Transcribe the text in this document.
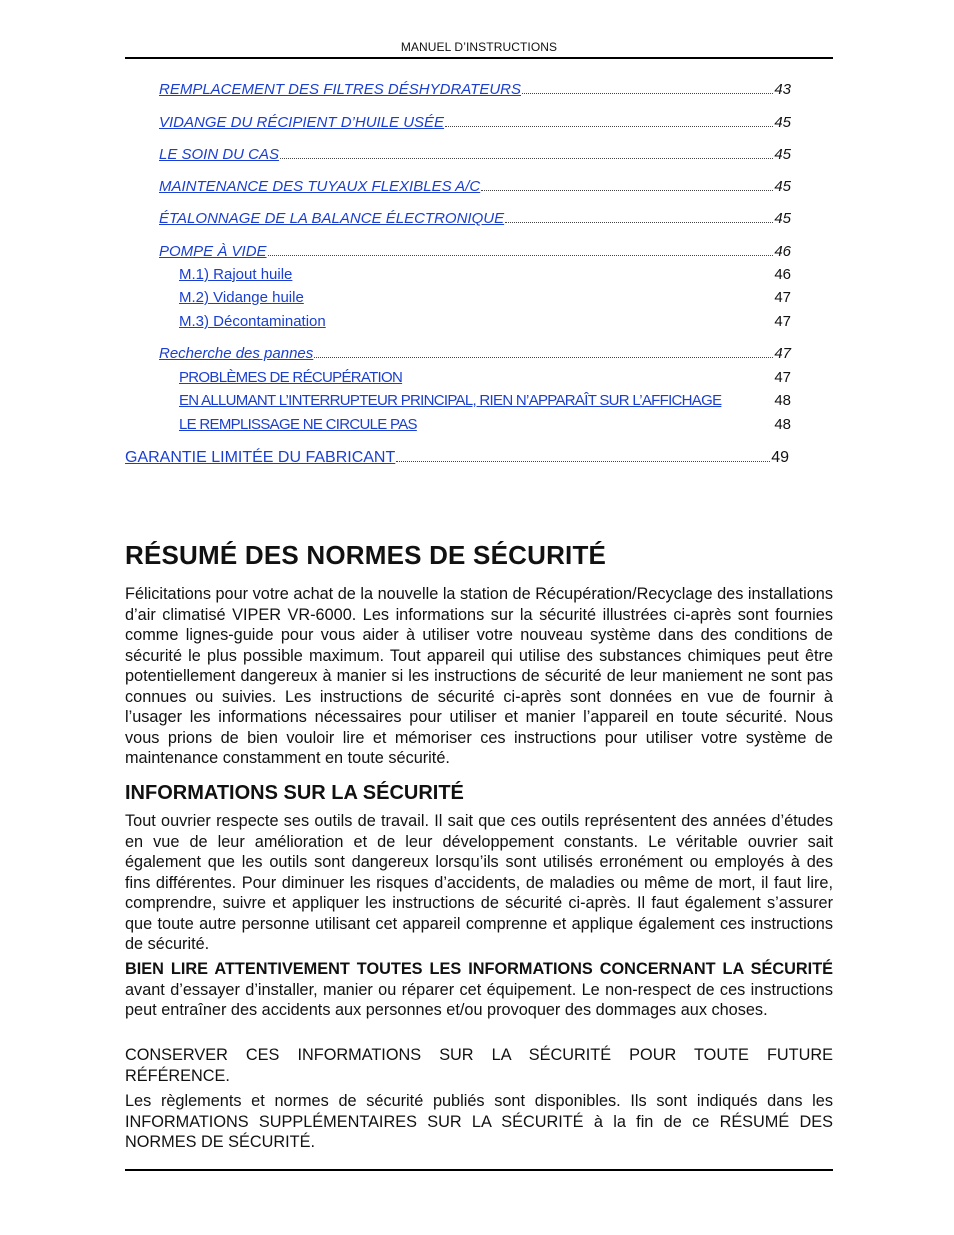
MANUEL D’INSTRUCTIONS
REMPLACEMENT DES FILTRES DÉSHYDRATEURS	43
VIDANGE DU RÉCIPIENT D’HUILE USÉE	45
LE SOIN DU CAS	45
MAINTENANCE DES TUYAUX FLEXIBLES A/C	45
ÉTALONNAGE DE LA BALANCE ÉLECTRONIQUE	45
POMPE À VIDE	46
M.1) Rajout huile	46
M.2) Vidange huile	47
M.3) Décontamination	47
Recherche des pannes	47
PROBLÈMES DE RÉCUPÉRATION	47
EN ALLUMANT L’INTERRUPTEUR PRINCIPAL, RIEN N’APPARAÎT SUR L’AFFICHAGE	48
LE REMPLISSAGE NE CIRCULE PAS	48
GARANTIE LIMITÉE DU FABRICANT	49
RÉSUMÉ DES NORMES DE SÉCURITÉ
Félicitations pour votre achat de la nouvelle la station de Récupération/Recyclage des installations d’air climatisé VIPER VR-6000. Les informations sur la sécurité illustrées ci-après sont fournies comme lignes-guide pour vous aider à utiliser votre nouveau système dans des conditions de sécurité le plus possible maximum. Tout appareil qui utilise des substances chimiques peut être potentiellement dangereux à manier si les instructions de sécurité de leur maniement ne sont pas connues ou suivies. Les instructions de sécurité ci-après sont données en vue de fournir à l’usager les informations nécessaires pour utiliser et manier l’appareil en toute sécurité. Nous vous prions de bien vouloir lire et mémoriser ces instructions pour utiliser votre système de maintenance constamment en toute sécurité.
INFORMATIONS SUR LA SÉCURITÉ
Tout ouvrier respecte ses outils de travail. Il sait que ces outils représentent des années d’études en vue de leur amélioration et de leur développement constants. Le véritable ouvrier sait également que les outils sont dangereux lorsqu’ils sont utilisés erronément ou employés à des fins différentes. Pour diminuer les risques d’accidents, de maladies ou même de mort, il faut lire, comprendre, suivre et appliquer les instructions de sécurité ci-après. Il faut également s’assurer que toute autre personne utilisant cet appareil comprenne et applique également ces instructions de sécurité.
BIEN LIRE ATTENTIVEMENT TOUTES LES INFORMATIONS CONCERNANT LA SÉCURITÉ avant d’essayer d’installer, manier ou réparer cet équipement. Le non-respect de ces instructions peut entraîner des accidents aux personnes et/ou provoquer des dommages aux choses.
CONSERVER CES INFORMATIONS SUR LA SÉCURITÉ POUR TOUTE FUTURE RÉFÉRENCE.
Les règlements et normes de sécurité publiés sont disponibles. Ils sont indiqués dans les INFORMATIONS SUPPLÉMENTAIRES SUR LA SÉCURITÉ à la fin de ce RÉSUMÉ DES NORMES DE SÉCURITÉ.
